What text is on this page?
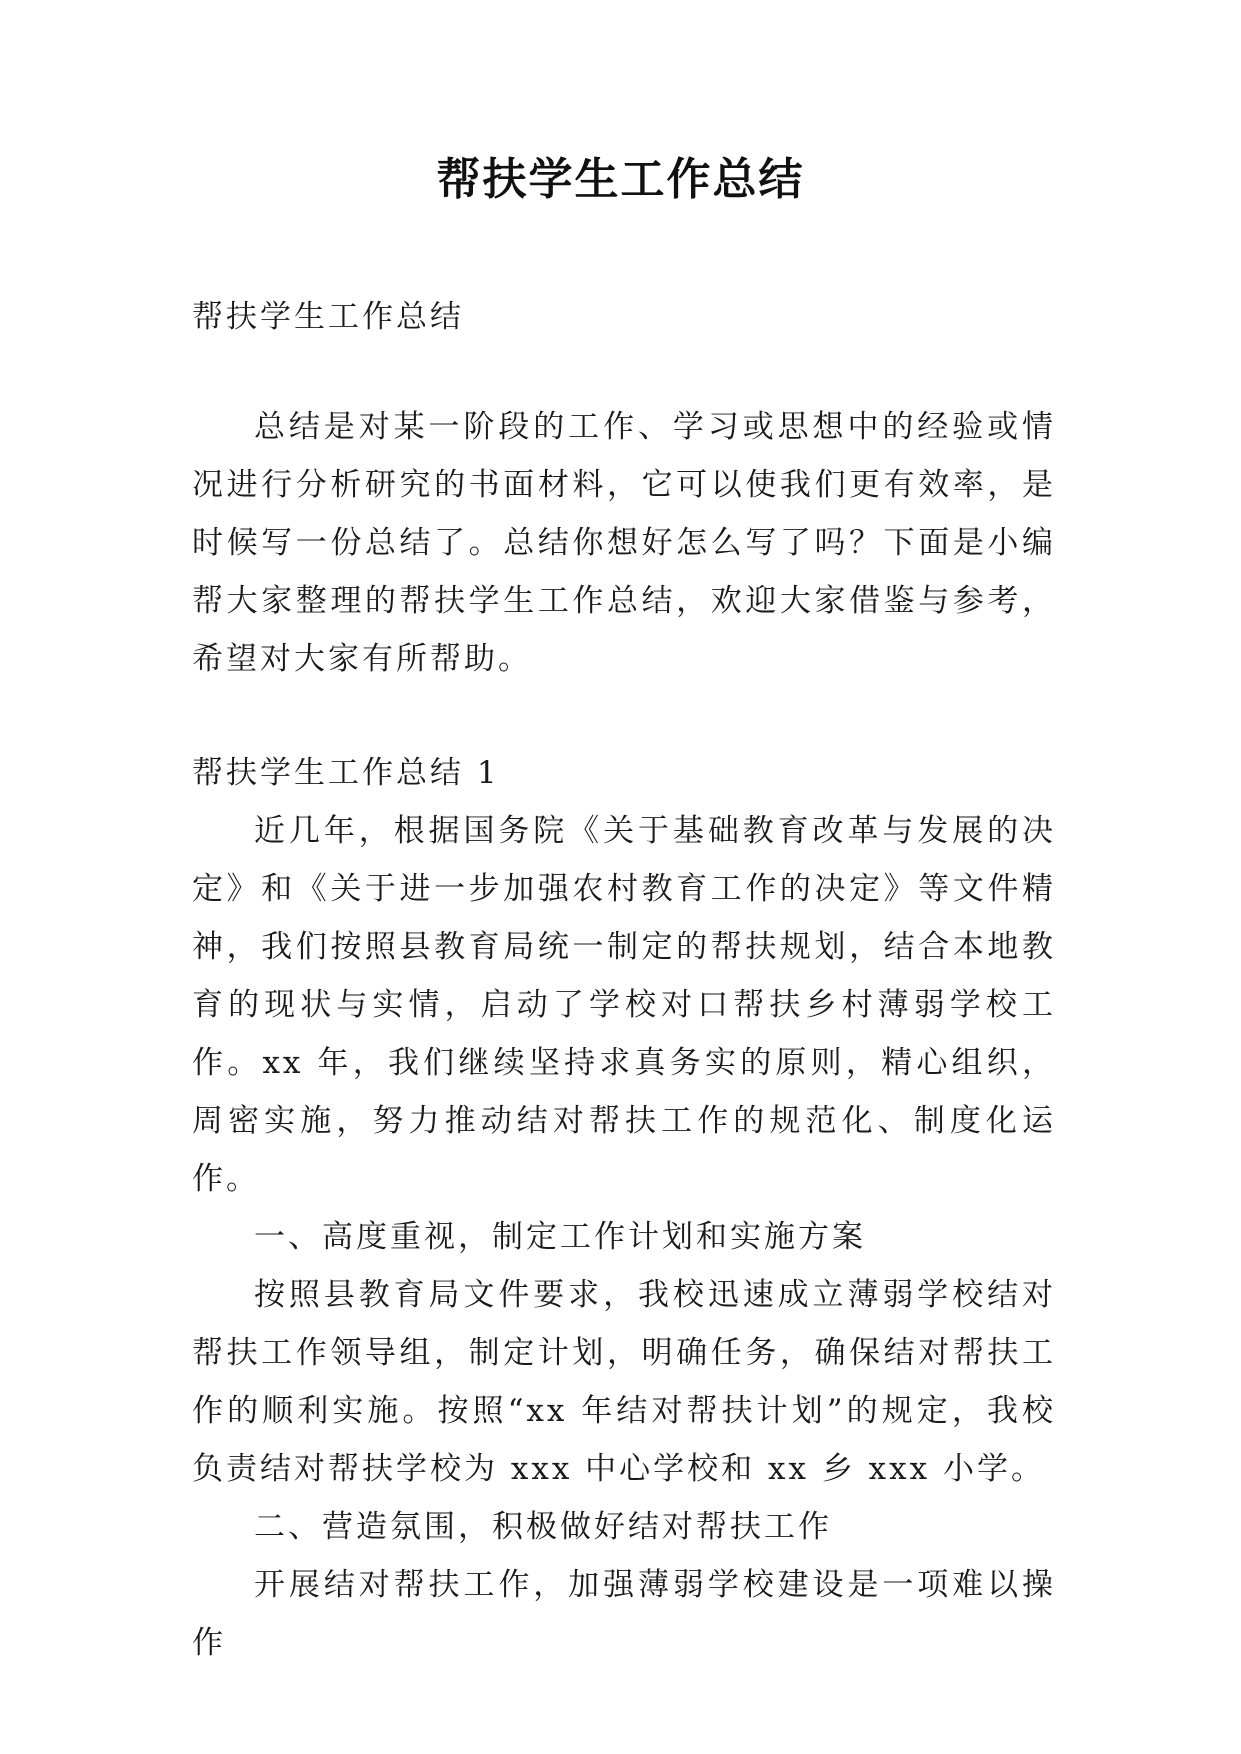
帮扶学生工作总结
帮扶学生工作总结

总结是对某一阶段的工作、学习或思想中的经验或情况进行分析研究的书面材料，它可以使我们更有效率，是时候写一份总结了。总结你想好怎么写了吗？下面是小编帮大家整理的帮扶学生工作总结，欢迎大家借鉴与参考，希望对大家有所帮助。

帮扶学生工作总结 1

近几年，根据国务院《关于基础教育改革与发展的决定》和《关于进一步加强农村教育工作的决定》等文件精神，我们按照县教育局统一制定的帮扶规划，结合本地教育的现状与实情，启动了学校对口帮扶乡村薄弱学校工作。xx 年，我们继续坚持求真务实的原则，精心组织，周密实施，努力推动结对帮扶工作的规范化、制度化运作。

一、高度重视，制定工作计划和实施方案

按照县教育局文件要求，我校迅速成立薄弱学校结对帮扶工作领导组，制定计划，明确任务，确保结对帮扶工作的顺利实施。按照“xx 年结对帮扶计划”的规定，我校负责结对帮扶学校为 xxx 中心学校和 xx 乡 xxx 小学。

二、营造氛围，积极做好结对帮扶工作

开展结对帮扶工作，加强薄弱学校建设是一项难以操作
